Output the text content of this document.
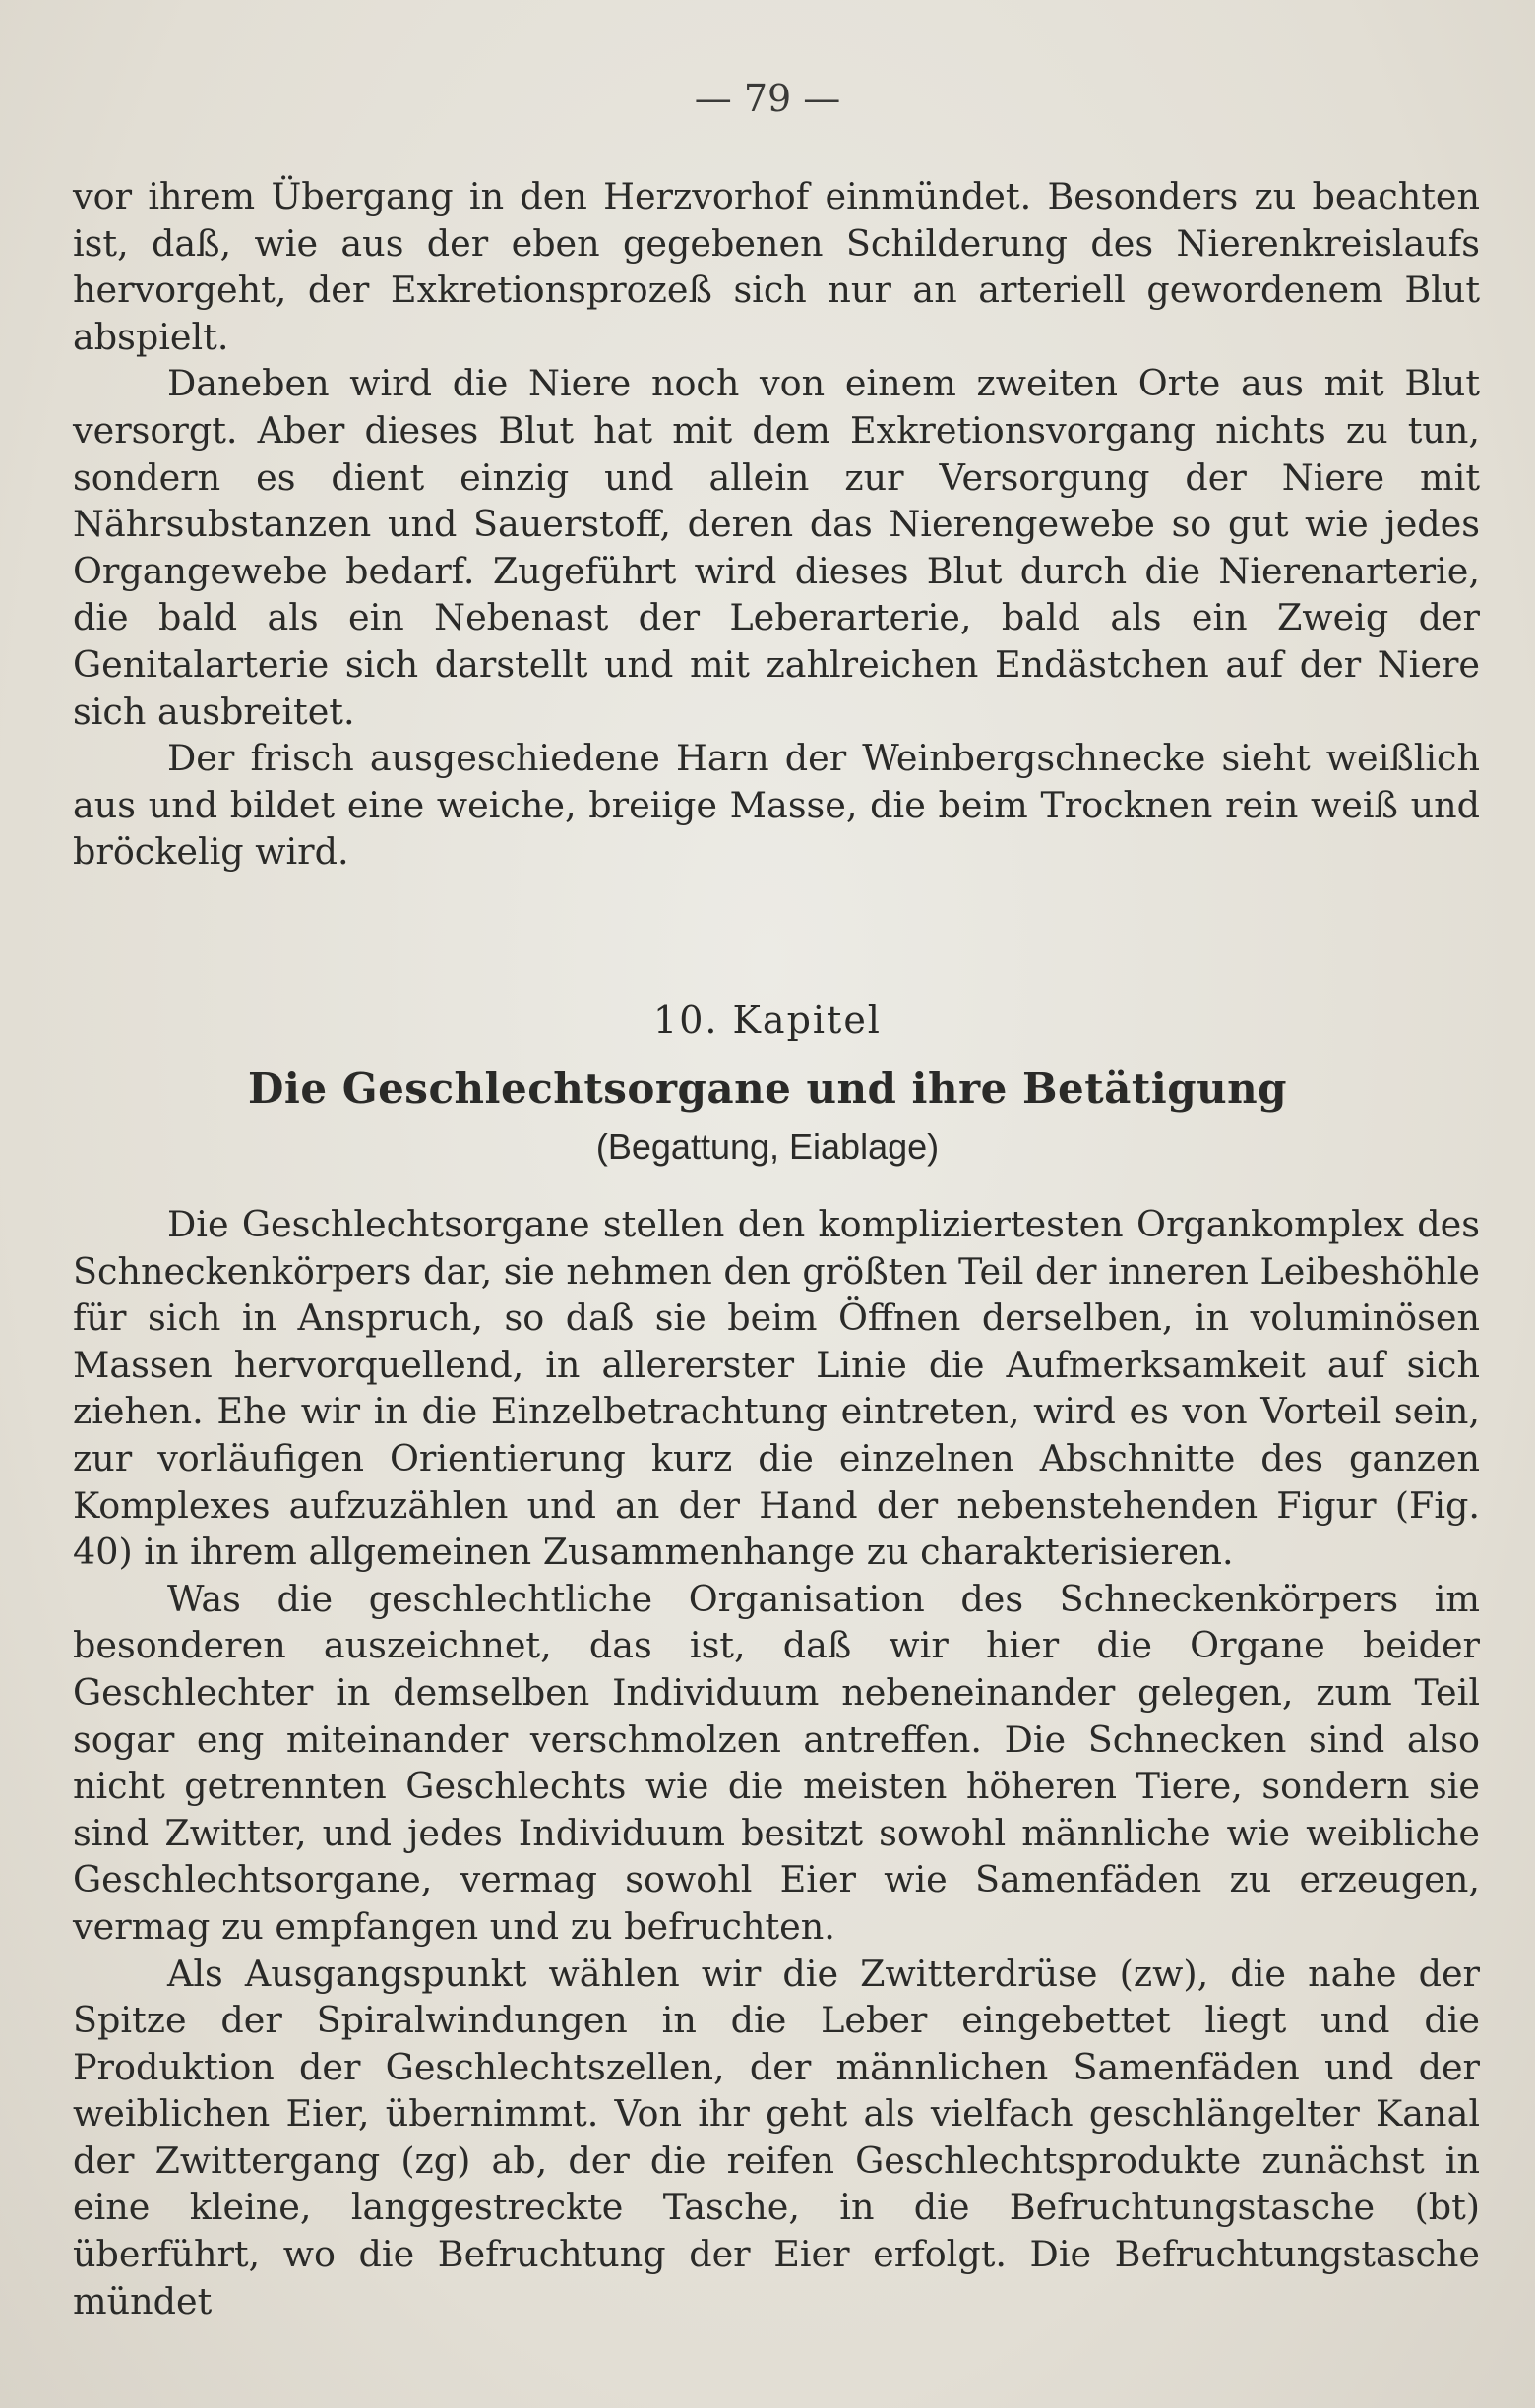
— 79 —

vor ihrem Übergang in den Herzvorhof einmündet. Besonders zu beachten ist, daß, wie aus der eben gegebenen Schilderung des Nierenkreislaufs hervorgeht, der Exkretionsprozeß sich nur an arteriell gewordenem Blut abspielt.

Daneben wird die Niere noch von einem zweiten Orte aus mit Blut versorgt. Aber dieses Blut hat mit dem Exkretionsvorgang nichts zu tun, sondern es dient einzig und allein zur Versorgung der Niere mit Nährsubstanzen und Sauerstoff, deren das Nierengewebe so gut wie jedes Organgewebe bedarf. Zugeführt wird dieses Blut durch die Nierenarterie, die bald als ein Nebenast der Leberarterie, bald als ein Zweig der Genitalarterie sich darstellt und mit zahlreichen Endästchen auf der Niere sich ausbreitet.

Der frisch ausgeschiedene Harn der Weinbergschnecke sieht weißlich aus und bildet eine weiche, breiige Masse, die beim Trocknen rein weiß und bröckelig wird.

10. Kapitel
Die Geschlechtsorgane und ihre Betätigung
(Begattung, Eiablage)

Die Geschlechtsorgane stellen den kompliziertesten Organkomplex des Schneckenkörpers dar, sie nehmen den größten Teil der inneren Leibeshöhle für sich in Anspruch, so daß sie beim Öffnen derselben, in voluminösen Massen hervorquellend, in allererster Linie die Aufmerksamkeit auf sich ziehen. Ehe wir in die Einzelbetrachtung eintreten, wird es von Vorteil sein, zur vorläufigen Orientierung kurz die einzelnen Abschnitte des ganzen Komplexes aufzuzählen und an der Hand der nebenstehenden Figur (Fig. 40) in ihrem allgemeinen Zusammenhange zu charakterisieren.

Was die geschlechtliche Organisation des Schneckenkörpers im besonderen auszeichnet, das ist, daß wir hier die Organe beider Geschlechter in demselben Individuum nebeneinander gelegen, zum Teil sogar eng miteinander verschmolzen antreffen. Die Schnecken sind also nicht getrennten Geschlechts wie die meisten höheren Tiere, sondern sie sind Zwitter, und jedes Individuum besitzt sowohl männliche wie weibliche Geschlechtsorgane, vermag sowohl Eier wie Samenfäden zu erzeugen, vermag zu empfangen und zu befruchten.

Als Ausgangspunkt wählen wir die Zwitterdrüse (zw), die nahe der Spitze der Spiralwindungen in die Leber eingebettet liegt und die Produktion der Geschlechtszellen, der männlichen Samenfäden und der weiblichen Eier, übernimmt. Von ihr geht als vielfach geschlängelter Kanal der Zwittergang (zg) ab, der die reifen Geschlechtsprodukte zunächst in eine kleine, langgestreckte Tasche, in die Befruchtungstasche (bt) überführt, wo die Befruchtung der Eier erfolgt. Die Befruchtungstasche mündet
